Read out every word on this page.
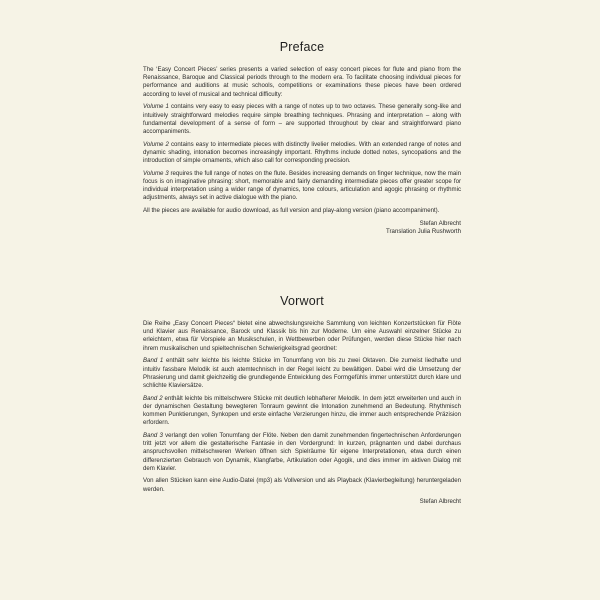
Preface

The ‘Easy Concert Pieces’ series presents a varied selection of easy concert pieces for flute and piano from the Renaissance, Baroque and Classical periods through to the modern era. To facilitate choosing individual pieces for performance and auditions at music schools, competitions or examinations these pieces have been ordered according to level of musical and technical difficulty:

Volume 1 contains very easy to easy pieces with a range of notes up to two octaves. These generally song-like and intuitively straightforward melodies require simple breathing techniques. Phrasing and interpretation – along with fundamental development of a sense of form – are supported throughout by clear and straightforward piano accompaniments.

Volume 2 contains easy to intermediate pieces with distinctly livelier melodies. With an extended range of notes and dynamic shading, intonation becomes increasingly important. Rhythms include dotted notes, syncopations and the introduction of simple ornaments, which also call for corresponding precision.

Volume 3 requires the full range of notes on the flute. Besides increasing demands on finger technique, now the main focus is on imaginative phrasing: short, memorable and fairly demanding intermediate pieces offer greater scope for individual interpretation using a wider range of dynamics, tone colours, articulation and agogic phrasing or rhythmic adjustments, always set in active dialogue with the piano.

All the pieces are available for audio download, as full version and play-along version (piano accompaniment).

Stefan Albrecht
Translation Julia Rushworth
Vorwort

Die Reihe „Easy Concert Pieces“ bietet eine abwechslungsreiche Sammlung von leichten Konzertstücken für Flöte und Klavier aus Renaissance, Barock und Klassik bis hin zur Moderne. Um eine Auswahl einzelner Stücke zu erleichtern, etwa für Vorspiele an Musikschulen, in Wettbewerben oder Prüfungen, werden diese Stücke hier nach ihrem musikalischen und spieltechnischen Schwierigkeitsgrad geordnet:

Band 1 enthält sehr leichte bis leichte Stücke im Tonumfang von bis zu zwei Oktaven. Die zumeist liedhafte und intuitiv fassbare Melodik ist auch atemtechnisch in der Regel leicht zu bewältigen. Dabei wird die Umsetzung der Phrasierung und damit gleichzeitig die grundlegende Entwicklung des Formgefühls immer unterstützt durch klare und schlichte Klaviersätze.

Band 2 enthält leichte bis mittelschwere Stücke mit deutlich lebhafterer Melodik. In dem jetzt erweiterten und auch in der dynamischen Gestaltung bewegteren Tonraum gewinnt die Intonation zunehmend an Bedeutung. Rhythmisch kommen Punktierungen, Synkopen und erste einfache Verzierungen hinzu, die immer auch entsprechende Präzision erfordern.

Band 3 verlangt den vollen Tonumfang der Flöte. Neben den damit zunehmenden fingertechnischen Anforderungen tritt jetzt vor allem die gestalterische Fantasie in den Vordergrund: In kurzen, prägnanten und dabei durchaus anspruchsvollen mittelschweren Werken öffnen sich Spielräume für eigene Interpretationen, etwa durch einen differenzierten Gebrauch von Dynamik, Klangfarbe, Artikulation oder Agogik, und dies immer im aktiven Dialog mit dem Klavier.

Von allen Stücken kann eine Audio-Datei (mp3) als Vollversion und als Playback (Klavierbegleitung) heruntergeladen werden.

Stefan Albrecht
